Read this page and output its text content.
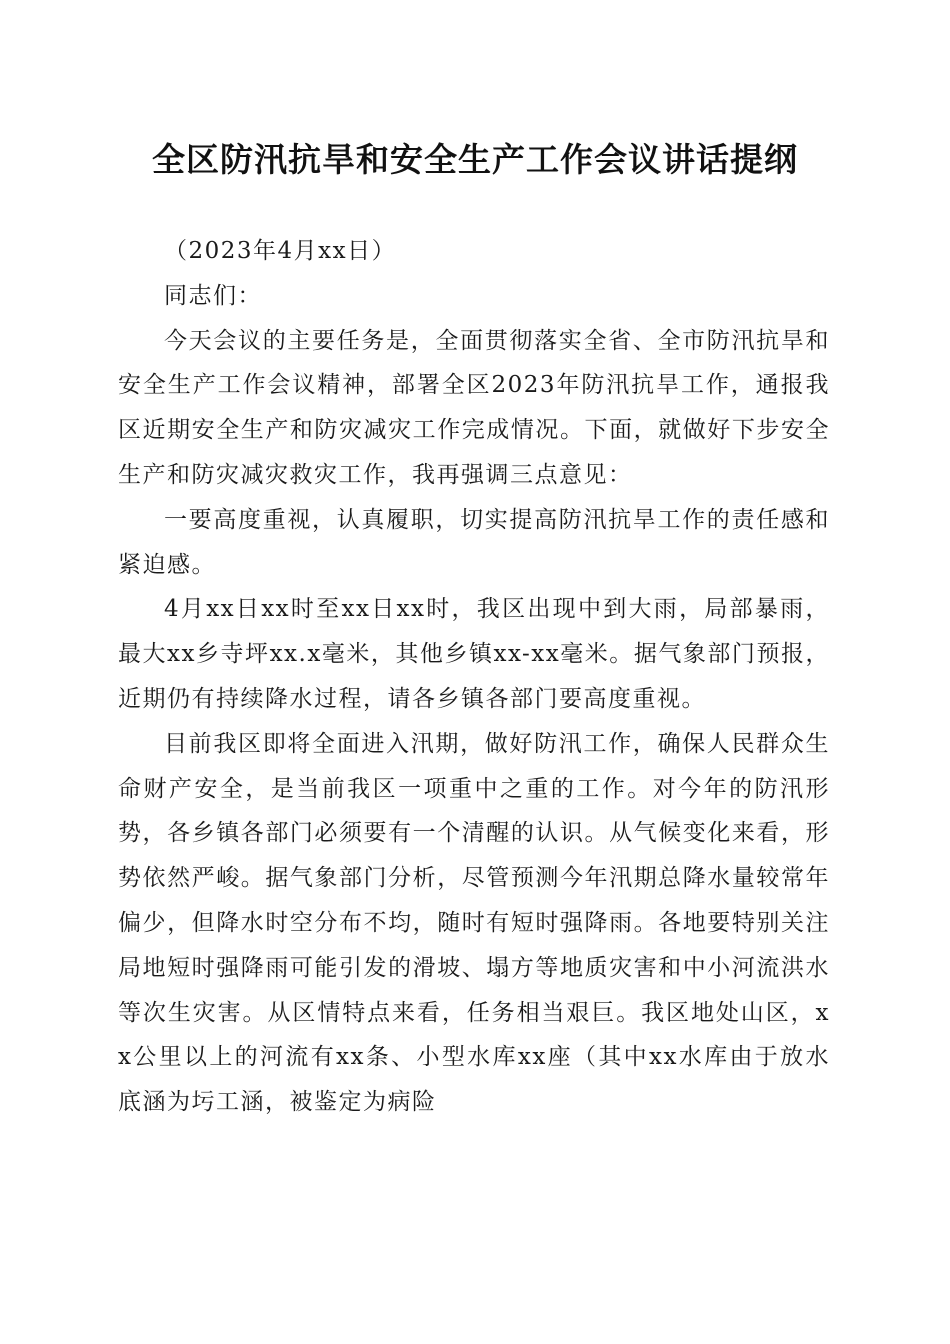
全区防汛抗旱和安全生产工作会议讲话提纲

（2023年4月xx日）

同志们：

今天会议的主要任务是，全面贯彻落实全省、全市防汛抗旱和安全生产工作会议精神，部署全区2023年防汛抗旱工作，通报我区近期安全生产和防灾减灾工作完成情况。下面，就做好下步安全生产和防灾减灾救灾工作，我再强调三点意见：

一要高度重视，认真履职，切实提高防汛抗旱工作的责任感和紧迫感。

4月xx日xx时至xx日xx时，我区出现中到大雨，局部暴雨，最大xx乡寺坪xx.x毫米，其他乡镇xx-xx毫米。据气象部门预报，近期仍有持续降水过程，请各乡镇各部门要高度重视。

目前我区即将全面进入汛期，做好防汛工作，确保人民群众生命财产安全，是当前我区一项重中之重的工作。对今年的防汛形势，各乡镇各部门必须要有一个清醒的认识。从气候变化来看，形势依然严峻。据气象部门分析，尽管预测今年汛期总降水量较常年偏少，但降水时空分布不均，随时有短时强降雨。各地要特别关注局地短时强降雨可能引发的滑坡、塌方等地质灾害和中小河流洪水等次生灾害。从区情特点来看，任务相当艰巨。我区地处山区，xx公里以上的河流有xx条、小型水库xx座（其中xx水库由于放水底涵为圬工涵，被鉴定为病险
